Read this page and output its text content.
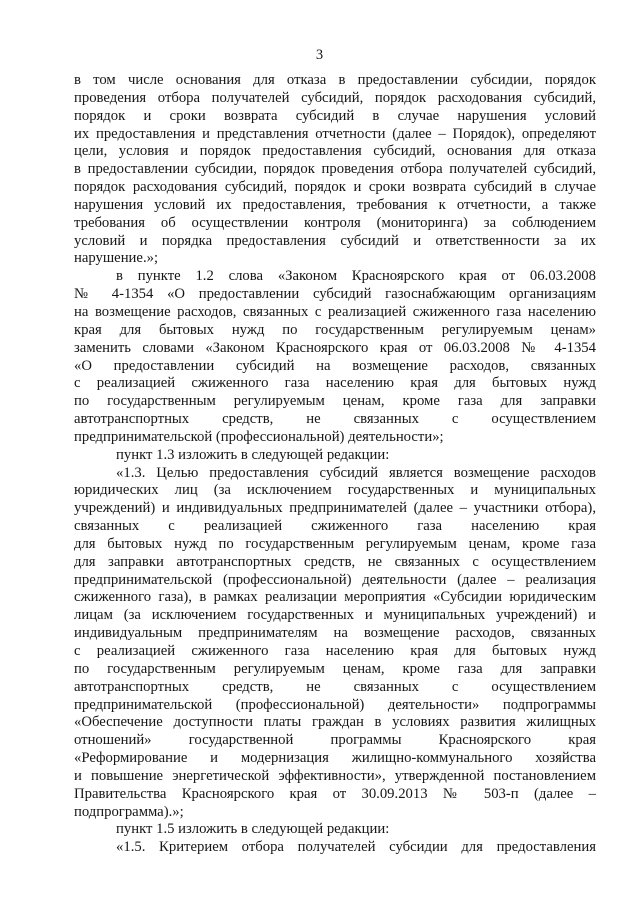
3
в том числе основания для отказа в предоставлении субсидии, порядок
проведения отбора получателей субсидий, порядок расходования субсидий,
порядок и сроки возврата субсидий в случае нарушения условий
их предоставления и представления отчетности (далее – Порядок), определяют
цели, условия и порядок предоставления субсидий, основания для отказа
в предоставлении субсидии, порядок проведения отбора получателей субсидий,
порядок расходования субсидий, порядок и сроки возврата субсидий в случае
нарушения условий их предоставления, требования к отчетности, а также
требования об осуществлении контроля (мониторинга) за соблюдением
условий и порядка предоставления субсидий и ответственности за их
нарушение.»;
в пункте 1.2 слова «Законом Красноярского края от 06.03.2008
№ 4-1354 «О предоставлении субсидий газоснабжающим организациям
на возмещение расходов, связанных с реализацией сжиженного газа населению
края для бытовых нужд по государственным регулируемым ценам»
заменить словами «Законом Красноярского края от 06.03.2008 № 4-1354
«О предоставлении субсидий на возмещение расходов, связанных
с реализацией сжиженного газа населению края для бытовых нужд
по государственным регулируемым ценам, кроме газа для заправки
автотранспортных средств, не связанных с осуществлением
предпринимательской (профессиональной) деятельности»;
пункт 1.3 изложить в следующей редакции:
«1.3. Целью предоставления субсидий является возмещение расходов
юридических лиц (за исключением государственных и муниципальных
учреждений) и индивидуальных предпринимателей (далее – участники отбора),
связанных с реализацией сжиженного газа населению края
для бытовых нужд по государственным регулируемым ценам, кроме газа
для заправки автотранспортных средств, не связанных с осуществлением
предпринимательской (профессиональной) деятельности (далее – реализация
сжиженного газа), в рамках реализации мероприятия «Субсидии юридическим
лицам (за исключением государственных и муниципальных учреждений) и
индивидуальным предпринимателям на возмещение расходов, связанных
с реализацией сжиженного газа населению края для бытовых нужд
по государственным регулируемым ценам, кроме газа для заправки
автотранспортных средств, не связанных с осуществлением
предпринимательской (профессиональной) деятельности» подпрограммы
«Обеспечение доступности платы граждан в условиях развития жилищных
отношений» государственной программы Красноярского края
«Реформирование и модернизация жилищно-коммунального хозяйства
и повышение энергетической эффективности», утвержденной постановлением
Правительства Красноярского края от 30.09.2013 № 503-п (далее –
подпрограмма).»;
пункт 1.5 изложить в следующей редакции:
«1.5. Критерием отбора получателей субсидии для предоставления
